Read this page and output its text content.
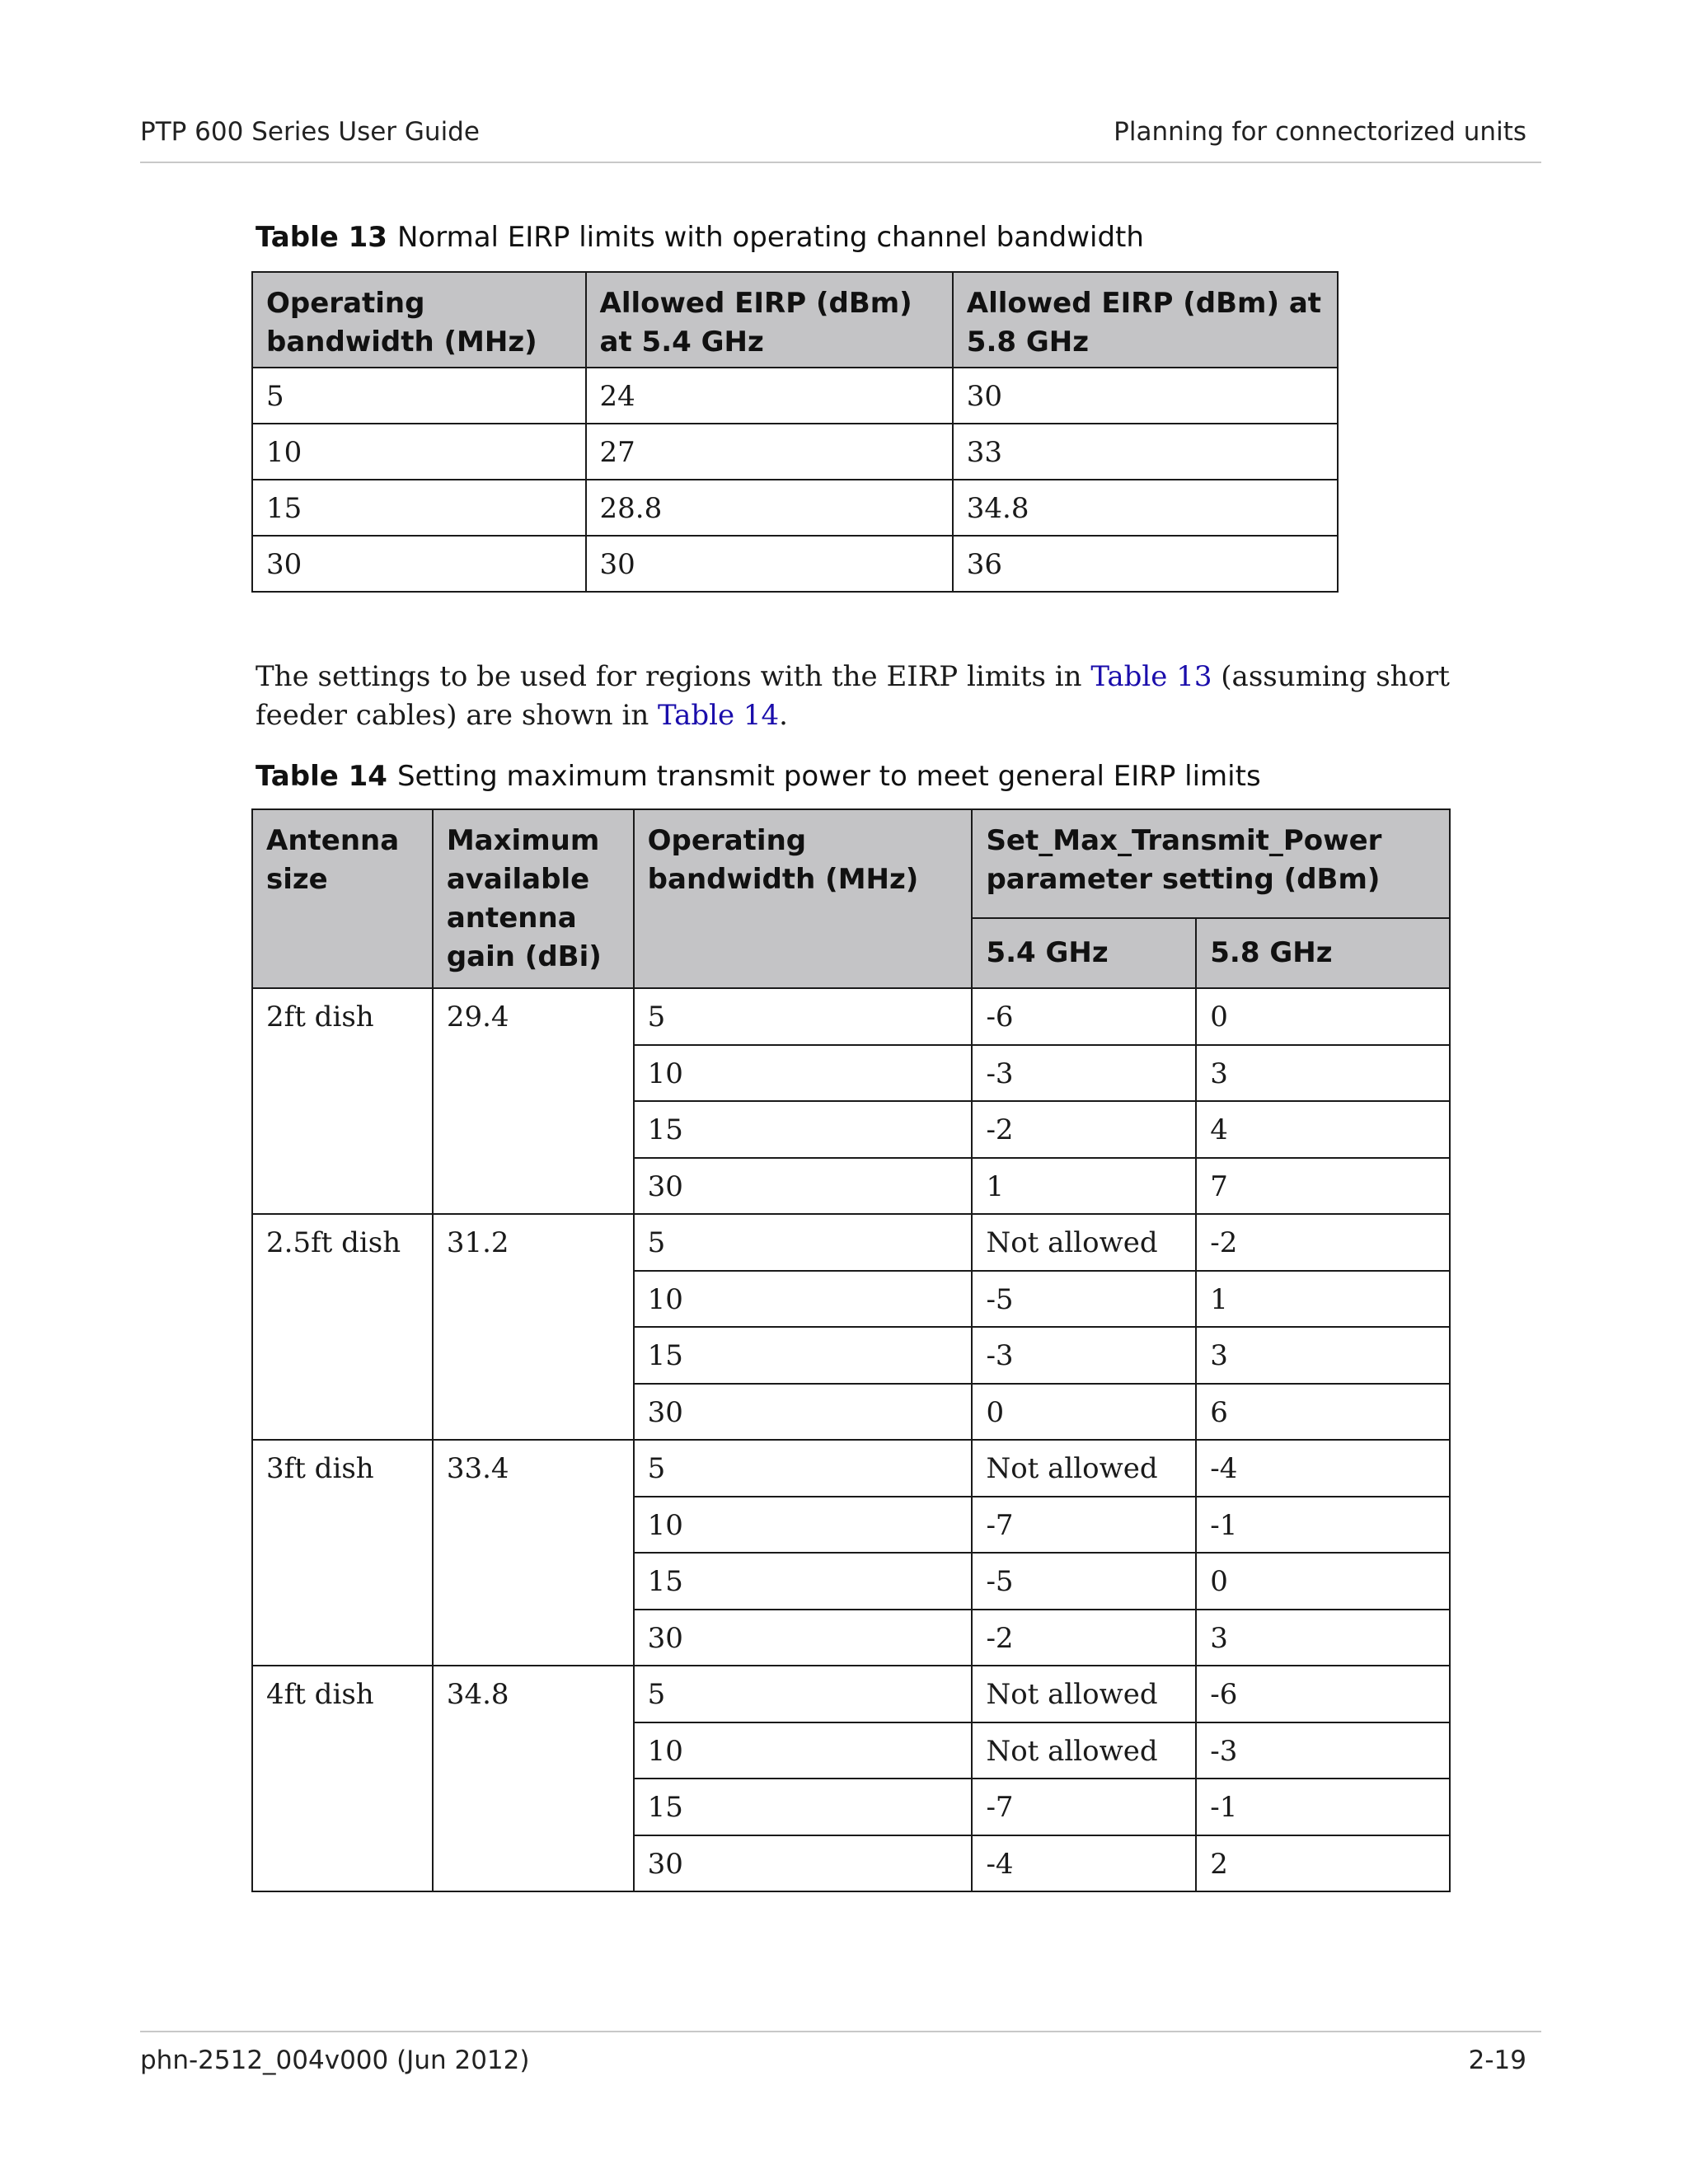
PTP 600 Series User Guide	Planning for connectorized units
Table 13 Normal EIRP limits with operating channel bandwidth
Operating bandwidth (MHz)	Allowed EIRP (dBm) at 5.4 GHz	Allowed EIRP (dBm) at 5.8 GHz
5	24	30
10	27	33
15	28.8	34.8
30	30	36
The settings to be used for regions with the EIRP limits in Table 13 (assuming short feeder cables) are shown in Table 14.
Table 14 Setting maximum transmit power to meet general EIRP limits
Antenna size	Maximum available antenna gain (dBi)	Operating bandwidth (MHz)	Set_Max_Transmit_Power parameter setting (dBm)	
			5.4 GHz	5.8 GHz
2ft dish	29.4	5	-6	0
		10	-3	3
		15	-2	4
		30	1	7
2.5ft dish	31.2	5	Not allowed	-2
		10	-5	1
		15	-3	3
		30	0	6
3ft dish	33.4	5	Not allowed	-4
		10	-7	-1
		15	-5	0
		30	-2	3
4ft dish	34.8	5	Not allowed	-6
		10	Not allowed	-3
		15	-7	-1
		30	-4	2
phn-2512_004v000 (Jun 2012)	2-19
